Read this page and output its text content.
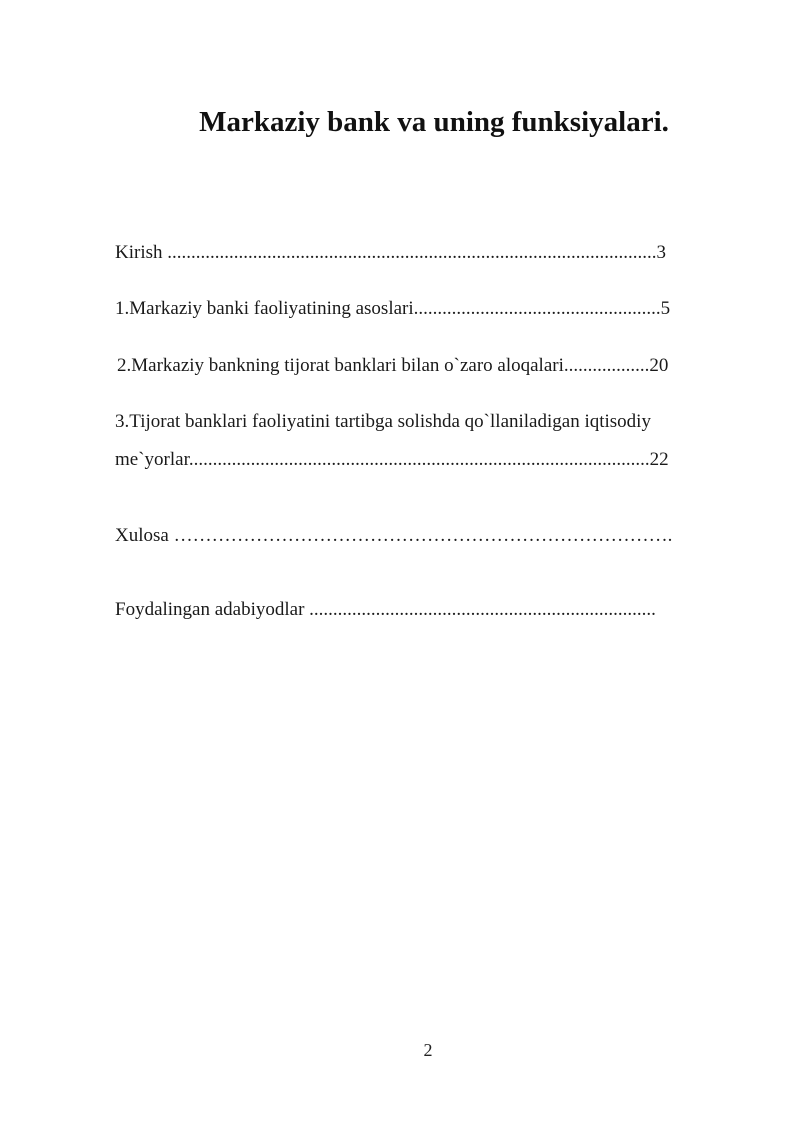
Markaziy bank va uning funksiyalari.
Kirish .......................................................................................................3
1.Markaziy banki faoliyatining asoslari....................................................5
2.Markaziy bankning tijorat banklari bilan o`zaro aloqalari..................20
3.Tijorat banklari faoliyatini tartibga solishda qo`llaniladigan iqtisodiy
me`yorlar.................................................................................................22
Xulosa …………………………………………………………………….
Foydalingan adabiyodlar .........................................................................
2
